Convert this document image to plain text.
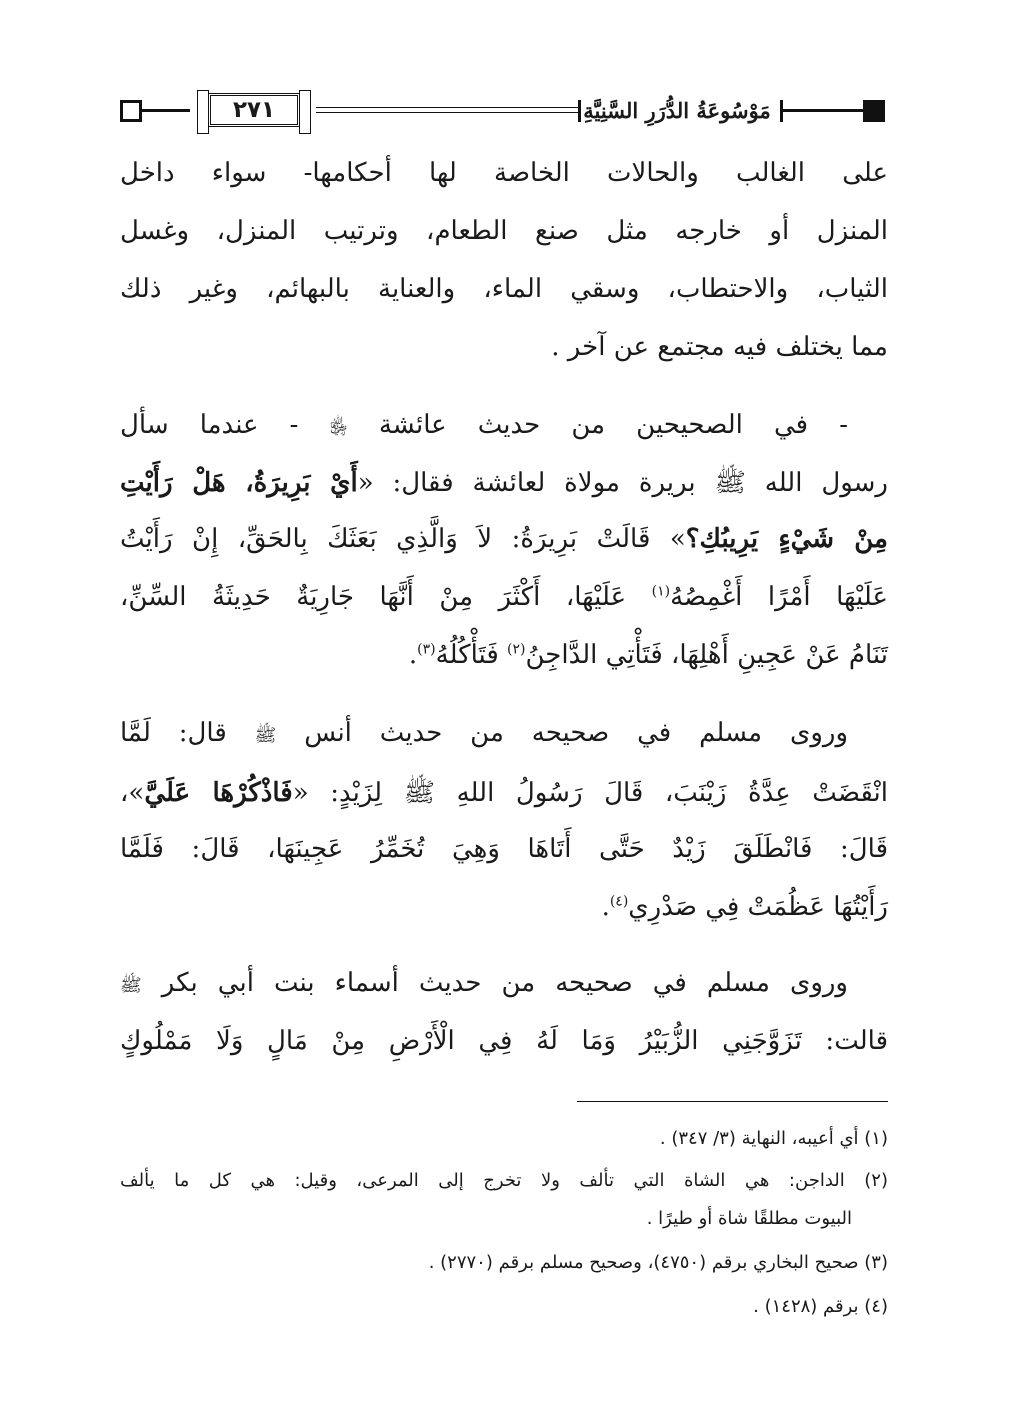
٢٧١	مَوْسُوعَةُ الدُّرَرِ السَّنِيَّةِ
على الغالب والحالات الخاصة لها أحكامها- سواء داخل
المنزل أو خارجه مثل صنع الطعام، وترتيب المنزل، وغسل
الثياب، والاحتطاب، وسقي الماء، والعناية بالبهائم، وغير ذلك
مما يختلف فيه مجتمع عن آخر .
- في الصحيحين من حديث عائشة ﵂ - عندما سأل
رسول الله ﷺ بريرة مولاة لعائشة فقال: «أَيْ بَرِيرَةُ، هَلْ رَأَيْتِ
مِنْ شَيْءٍ يَرِيبُكِ؟» قَالَتْ بَرِيرَةُ: لاَ وَالَّذِي بَعَثَكَ بِالحَقِّ، إِنْ رَأَيْتُ
عَلَيْهَا أَمْرًا أَغْمِصُهُ$^{(١)}$ عَلَيْهَا، أَكْثَرَ مِنْ أَنَّهَا جَارِيَةٌ حَدِيثَةُ السِّنِّ،
تَنَامُ عَنْ عَجِينِ أَهْلِهَا، فَتَأْتِي الدَّاجِنُ$^{(٢)}$ فَتَأْكُلُهُ$^{(٣)}$.
وروى مسلم في صحيحه من حديث أنس ﷺ قال: لَمَّا
انْقَضَتْ عِدَّةُ زَيْنَبَ، قَالَ رَسُولُ اللهِ ﷺ لِزَيْدٍ: «فَاذْكُرْهَا عَلَيَّ»،
قَالَ: فَانْطَلَقَ زَيْدٌ حَتَّى أَتَاهَا وَهِيَ تُخَمِّرُ عَجِينَهَا، قَالَ: فَلَمَّا
رَأَيْتُهَا عَظُمَتْ فِي صَدْرِي$^{(٤)}$.
وروى مسلم في صحيحه من حديث أسماء بنت أبي بكر ﷺ
قالت: تَزَوَّجَنِي الزُّبَيْرُ وَمَا لَهُ فِي الْأَرْضِ مِنْ مَالٍ وَلَا مَمْلُوكٍ
(١) أي أعيبه، النهاية (٣/ ٣٤٧) .
(٢) الداجن: هي الشاة التي تألف ولا تخرج إلى المرعى، وقيل: هي كل ما يألف
البيوت مطلقًا شاة أو طيرًا .
(٣) صحيح البخاري برقم (٤٧٥٠)، وصحيح مسلم برقم (٢٧٧٠) .
(٤) برقم (١٤٢٨) .
